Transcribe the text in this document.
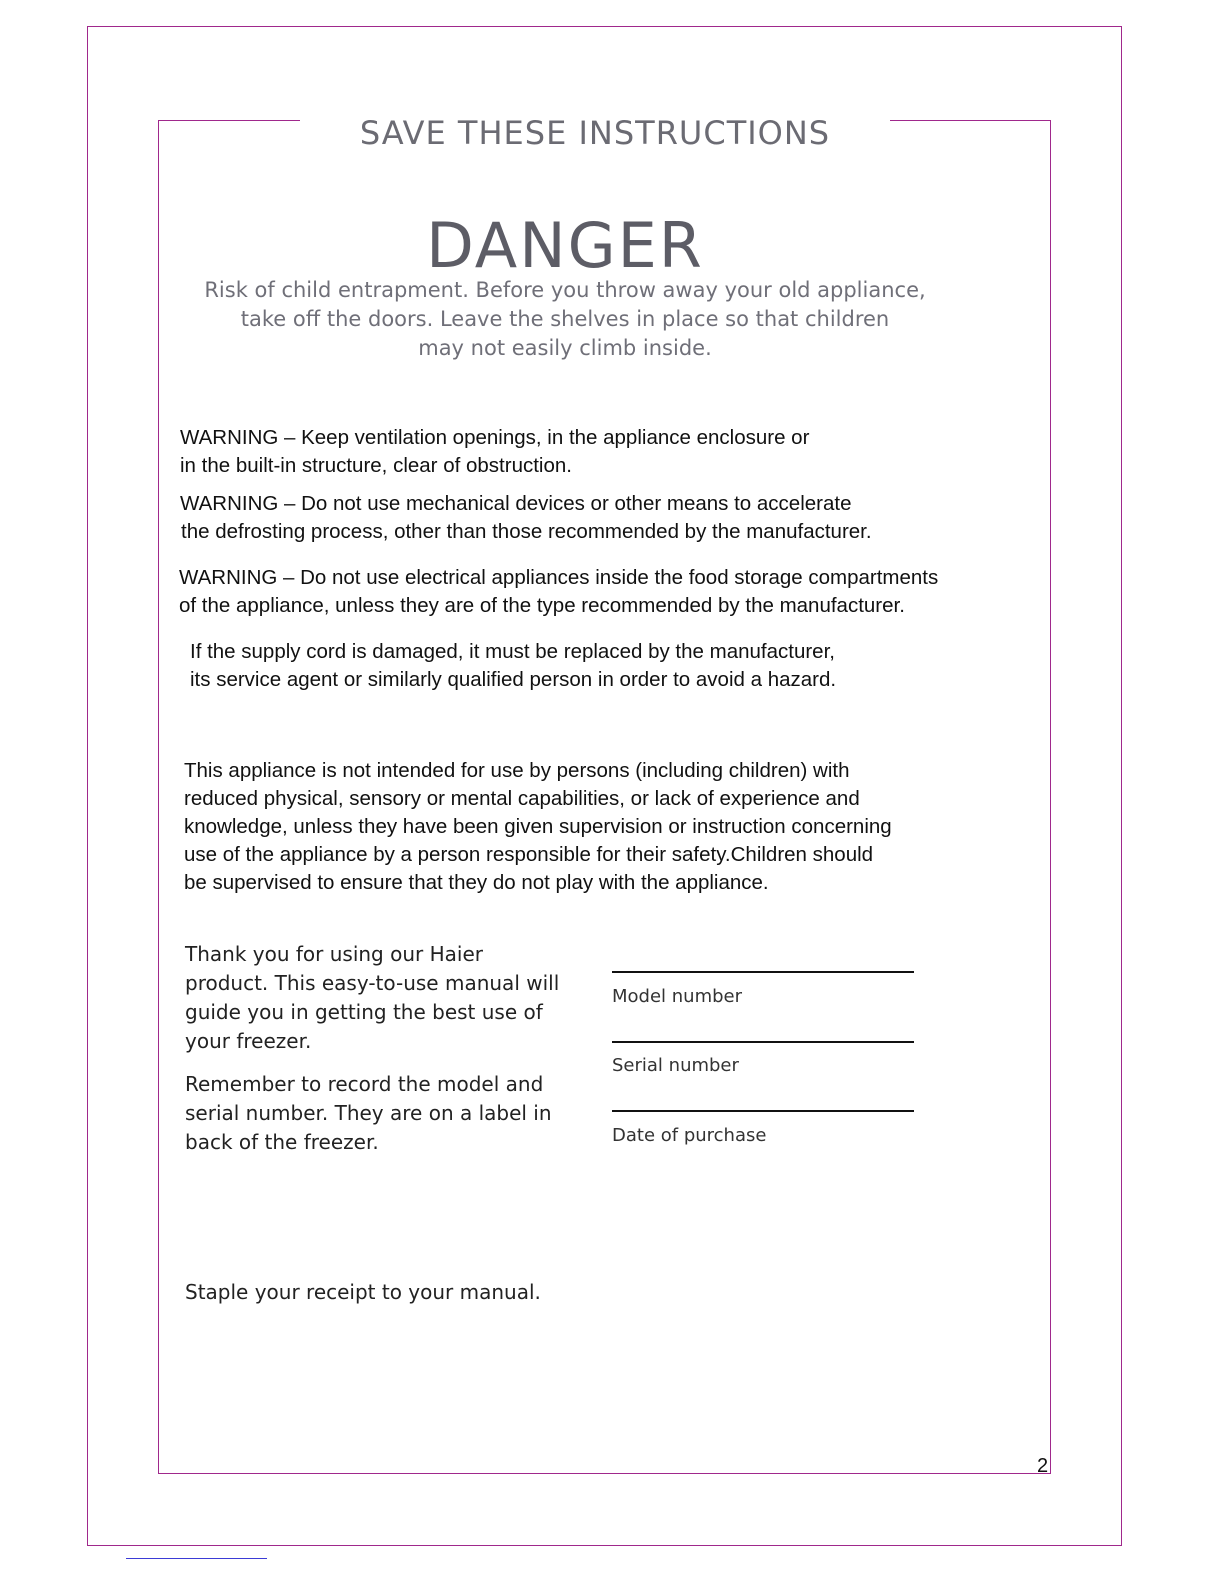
SAVE THESE INSTRUCTIONS
DANGER
Risk of child entrapment. Before you throw away your old appliance,
take off the doors. Leave the shelves in place so that children
may not easily climb inside.
WARNING – Keep ventilation openings, in the appliance enclosure or
in the built-in structure, clear of obstruction.
WARNING – Do not use mechanical devices or other means to accelerate
the defrosting process, other than those recommended by the manufacturer.
WARNING – Do not use electrical appliances inside the food storage compartments
of the appliance, unless they are of the type recommended by the manufacturer.
If the supply cord is damaged, it must be replaced by the manufacturer,
its service agent or similarly qualified person in order to avoid a hazard.
This appliance is not intended for use by persons (including children) with
reduced physical, sensory or mental capabilities, or lack of experience and
knowledge, unless they have been given supervision or instruction concerning
use of the appliance by a person responsible for their safety.Children should
be supervised to ensure that they do not play with the appliance.
Thank you for using our Haier
product. This easy-to-use manual will
guide you in getting the best use of
your freezer.
Remember to record the model and
serial number. They are on a label in
back of the freezer.
Model number
Serial number
Date of purchase
Staple your receipt to your manual.
2
